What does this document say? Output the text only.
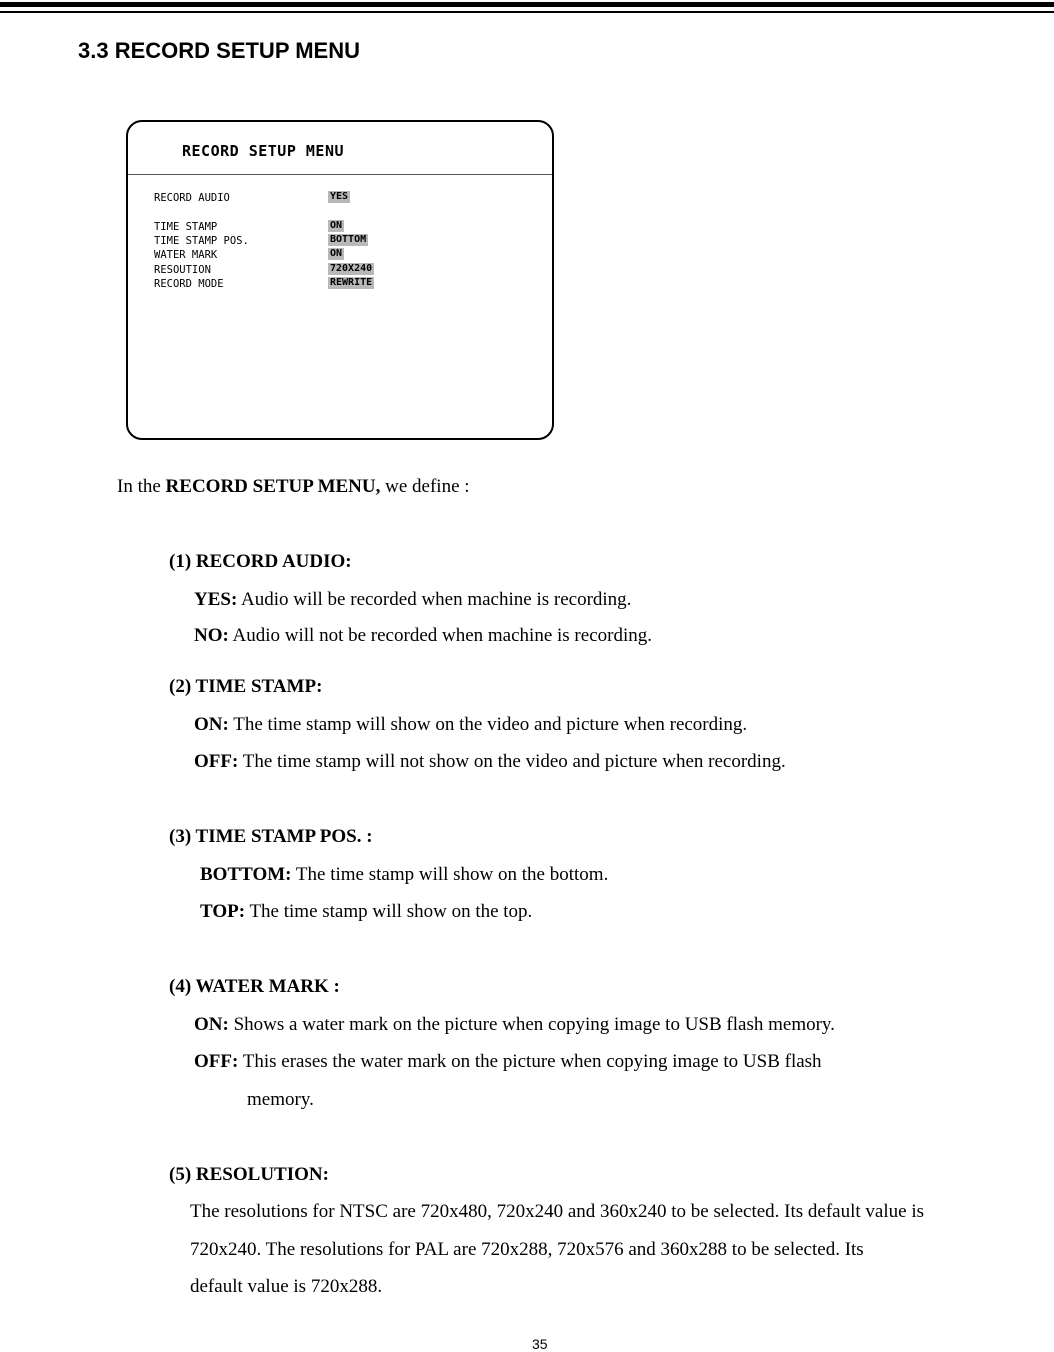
3.3 RECORD SETUP MENU
RECORD SETUP MENU
RECORD AUDIO	YES
TIME STAMP	ON
TIME STAMP POS.	BOTTOM
WATER MARK	ON
RESOUTION	720X240
RECORD MODE	REWRITE
In the RECORD SETUP MENU, we define :
(1) RECORD AUDIO:
YES: Audio will be recorded when machine is recording.
NO: Audio will not be recorded when machine is recording.
(2) TIME STAMP:
ON: The time stamp will show on the video and picture when recording.
OFF: The time stamp will not show on the video and picture when recording.
(3) TIME STAMP POS. :
BOTTOM: The time stamp will show on the bottom.
TOP: The time stamp will show on the top.
(4) WATER MARK :
ON: Shows a water mark on the picture when copying image to USB flash memory.
OFF: This erases the water mark on the picture when copying image to USB flash
memory.
(5) RESOLUTION:
The resolutions for NTSC are 720x480, 720x240 and 360x240 to be selected. Its default value is
720x240. The resolutions for PAL are 720x288, 720x576 and 360x288 to be selected. Its
default value is 720x288.
35
